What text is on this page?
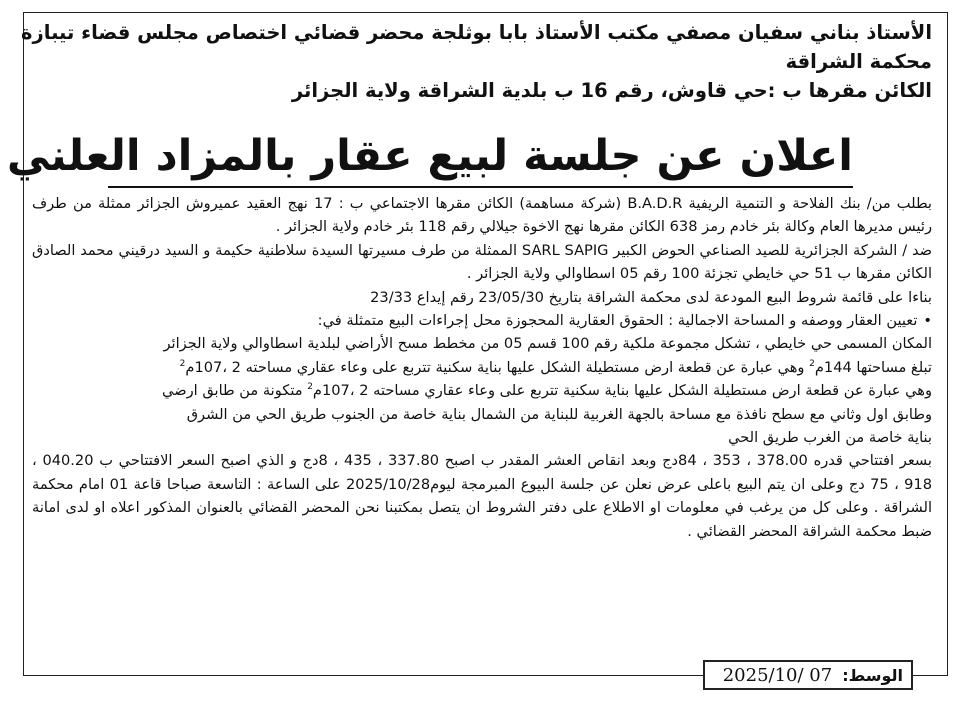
الأستاذ بناني سفيان مصفي مكتب الأستاذ بابا بوثلجة محضر قضائي اختصاص مجلس قضاء تيبازة
محكمة الشراقة
الكائن مقرها ب :حي قاوش، رقم 16 ب بلدية الشراقة ولاية الجزائر
اعلان عن جلسة لبيع عقار بالمزاد العلني

بطلب من/ بنك الفلاحة و التنمية الريفية B.A.D.R (شركة مساهمة) الكائن مقرها الاجتماعي ب : 17 نهج العقيد عميروش الجزائر ممثلة من طرف رئيس مديرها العام وكالة بئر خادم رمز 638 الكائن مقرها نهج الاخوة جيلالي رقم 118 بئر خادم ولاية الجزائر .

ضد / الشركة الجزائرية للصيد الصناعي الحوض الكبير SARL SAPIG الممثلة من طرف مسيرتها السيدة سلاطنية حكيمة و السيد درقيني محمد الصادق الكائن مقرها ب 51 حي خايطي تجزئة 100 رقم 05 اسطاوالي ولاية الجزائر .

بناءا على قائمة شروط البيع المودعة لدى محكمة الشراقة بتاريخ 23/05/30 رقم إيداع 23/33

•تعيين العقار ووصفه و المساحة الاجمالية : الحقوق العقارية المحجوزة محل إجراءات البيع متمثلة في:

المكان المسمى حي خايطي ، تشكل مجموعة ملكية رقم 100 قسم 05 من مخطط مسح الأراضي لبلدية اسطاوالي ولاية الجزائر

تبلغ مساحتها 144م$^2$ وهي عبارة عن قطعة ارض مستطيلة الشكل عليها بناية سكنية تتربع على وعاء عقاري مساحته 2 ،107م$^2$

وهي عبارة عن قطعة ارض مستطيلة الشكل عليها بناية سكنية تتربع على وعاء عقاري مساحته 2 ،107م$^2$ متكونة من طابق ارضي

وطابق اول وثاني مع سطح نافذة مع مساحة بالجهة الغربية للبناية من الشمال بناية خاصة من الجنوب طريق الحي من الشرق

بناية خاصة من الغرب طريق الحي

بسعر افتتاحي قدره 378.00 ، 353 ، 84دج وبعد انقاص العشر المقدر ب اصبح 337.80 ، 435 ، 8دج و الذي اصبح السعر الافتتاحي ب 040.20 ، 918 ، 75 دج وعلى ان يتم البيع باعلى عرض نعلن عن جلسة البيوع المبرمجة ليوم2025/10/28 على الساعة : التاسعة صباحا قاعة 01 امام محكمة الشراقة . وعلى كل من يرغب في معلومات او الاطلاع على دفتر الشروط ان يتصل بمكتبنا نحن المحضر القضائي بالعنوان المذكور اعلاه او لدى امانة ضبط محكمة الشراقة المحضر القضائي .

الوسط:
2025/10/ 07
